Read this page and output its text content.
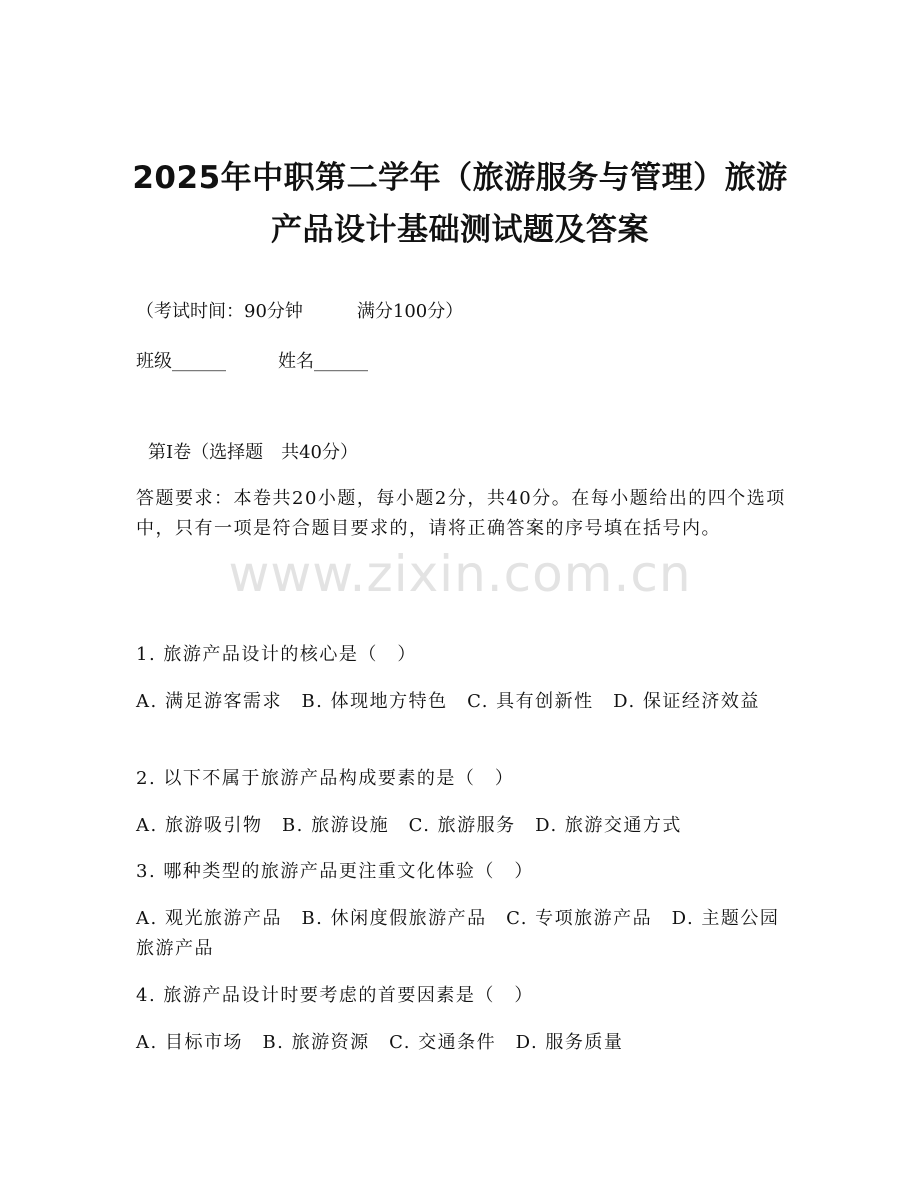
2025年中职第二学年（旅游服务与管理）旅游产品设计基础测试题及答案
（考试时间：90分钟	满分100分）
班级______	姓名______
第Ⅰ卷（选择题　共40分）
答题要求：本卷共20小题，每小题2分，共40分。在每小题给出的四个选项中，只有一项是符合题目要求的，请将正确答案的序号填在括号内。
1. 旅游产品设计的核心是（　）
A. 满足游客需求　B. 体现地方特色　C. 具有创新性　D. 保证经济效益
2. 以下不属于旅游产品构成要素的是（　）
A. 旅游吸引物　B. 旅游设施　C. 旅游服务　D. 旅游交通方式
3. 哪种类型的旅游产品更注重文化体验（　）
A. 观光旅游产品　B. 休闲度假旅游产品　C. 专项旅游产品　D. 主题公园旅游产品
4. 旅游产品设计时要考虑的首要因素是（　）
A. 目标市场　B. 旅游资源　C. 交通条件　D. 服务质量
www.zixin.com.cn
